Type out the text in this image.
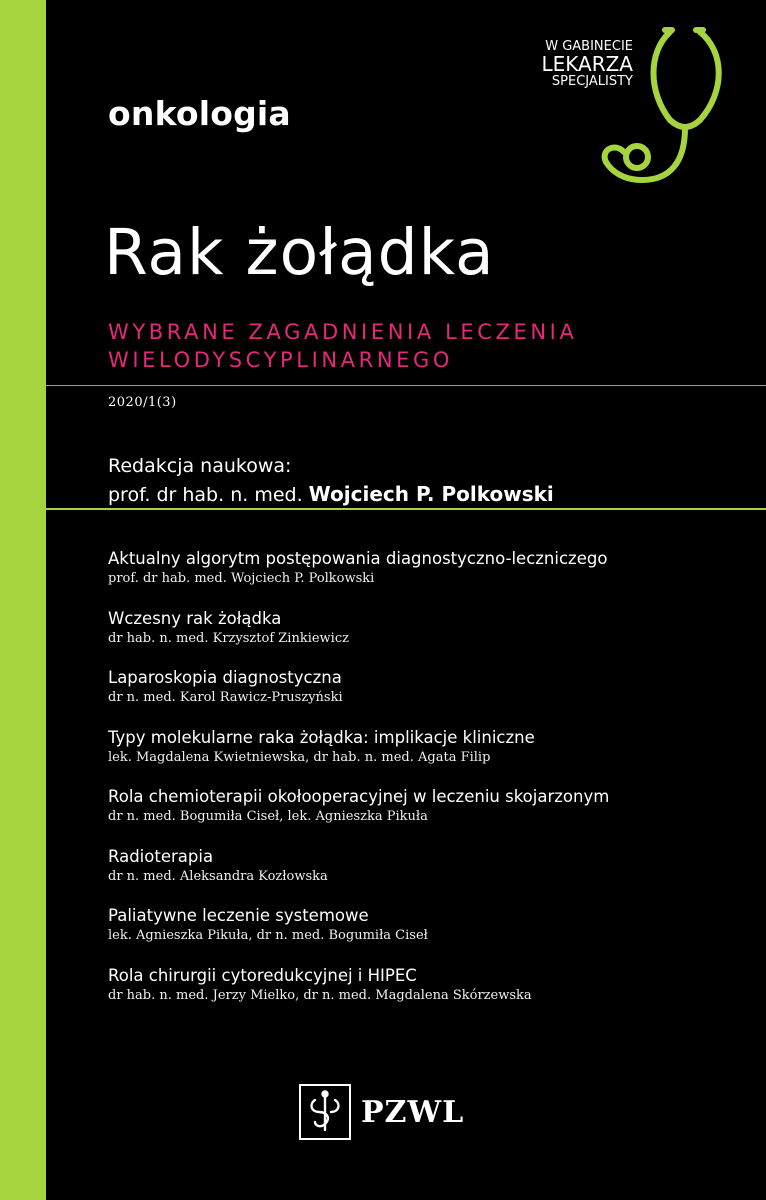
onkologia
W GABINECIE
LEKARZA
SPECJALISTY
Rak żołądka
WYBRANE ZAGADNIENIA LECZENIA
WIELODYSCYPLINARNEGO
2020/1(3)
Redakcja naukowa:
prof. dr hab. n. med. Wojciech P. Polkowski
Aktualny algorytm postępowania diagnostyczno-leczniczego
prof. dr hab. med. Wojciech P. Polkowski
Wczesny rak żołądka
dr hab. n. med. Krzysztof Zinkiewicz
Laparoskopia diagnostyczna
dr n. med. Karol Rawicz-Pruszyński
Typy molekularne raka żołądka: implikacje kliniczne
lek. Magdalena Kwietniewska, dr hab. n. med. Agata Filip
Rola chemioterapii okołooperacyjnej w leczeniu skojarzonym
dr n. med. Bogumiła Ciseł, lek. Agnieszka Pikuła
Radioterapia
dr n. med. Aleksandra Kozłowska
Paliatywne leczenie systemowe
lek. Agnieszka Pikuła, dr n. med. Bogumiła Ciseł
Rola chirurgii cytoredukcyjnej i HIPEC
dr hab. n. med. Jerzy Mielko, dr n. med. Magdalena Skórzewska
PZWL
